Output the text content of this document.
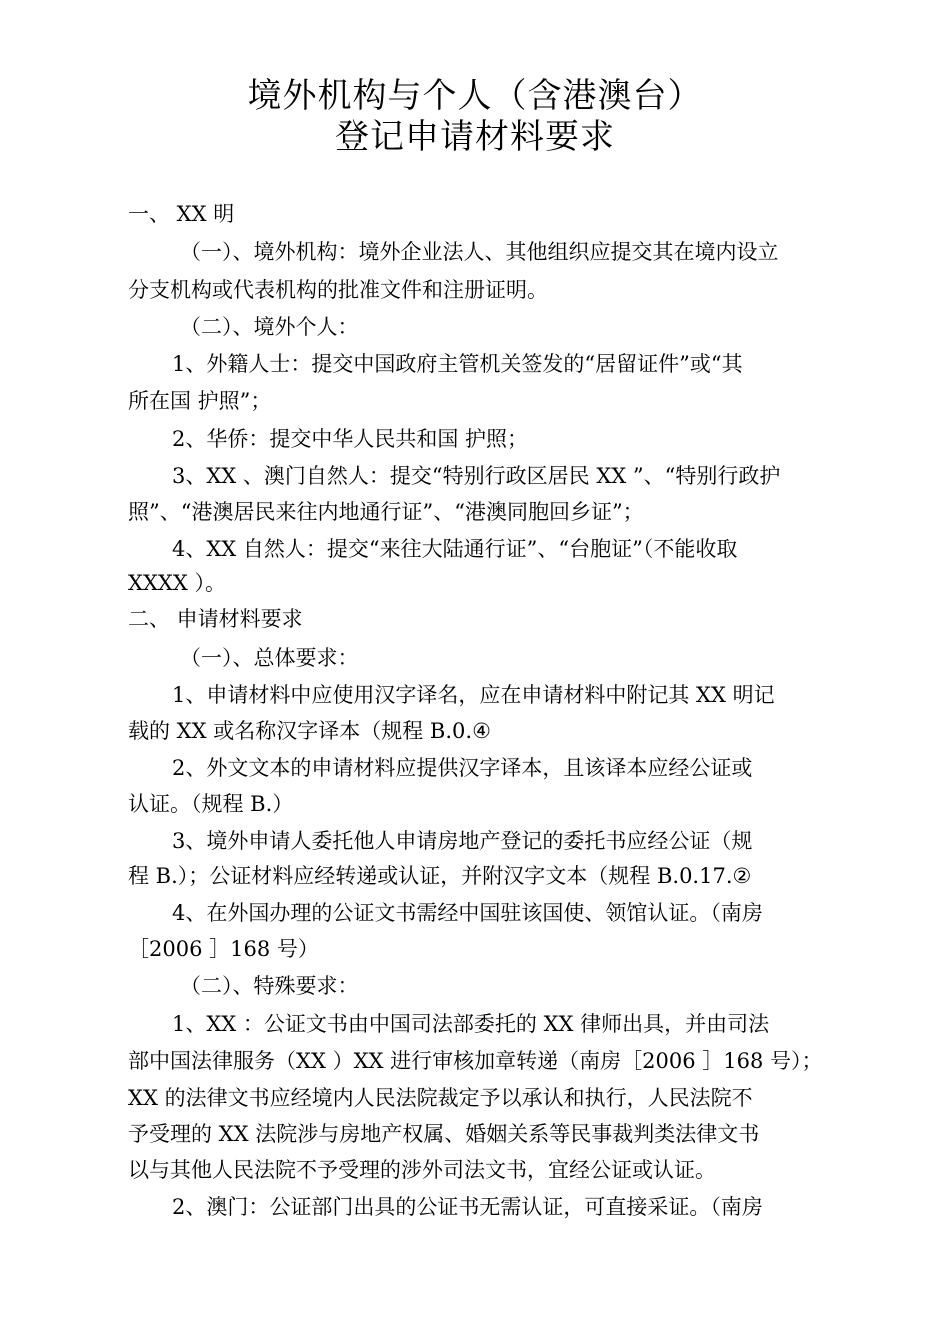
境外机构与个人（含港澳台）
登记申请材料要求
一、 XX 明
（一）、境外机构：境外企业法人、其他组织应提交其在境内设立
分支机构或代表机构的批准文件和注册证明。
（二）、境外个人：
1、外籍人士：提交中国政府主管机关签发的“居留证件”或“其
所在国 护照”；
2、华侨：提交中华人民共和国 护照；
3、XX 、澳门自然人：提交“特别行政区居民 XX ”、“特别行政护
照”、“港澳居民来往内地通行证”、“港澳同胞回乡证”；
4、XX 自然人：提交“来往大陆通行证”、“台胞证”（不能收取
XXXX ）。
二、 申请材料要求
（一）、总体要求：
1、申请材料中应使用汉字译名，应在申请材料中附记其 XX 明记
载的 XX 或名称汉字译本（规程 B.0.④
2、外文文本的申请材料应提供汉字译本，且该译本应经公证或
认证。（规程 B.）
3、境外申请人委托他人申请房地产登记的委托书应经公证（规
程 B.）；公证材料应经转递或认证，并附汉字文本（规程 B.0.17.②
4、在外国办理的公证文书需经中国驻该国使、领馆认证。（南房
［2006 ］168 号）
（二）、特殊要求：
1、XX ：公证文书由中国司法部委托的 XX 律师出具，并由司法
部中国法律服务（XX ）XX 进行审核加章转递（南房［2006 ］168 号）；
XX 的法律文书应经境内人民法院裁定予以承认和执行，人民法院不
予受理的 XX 法院涉与房地产权属、婚姻关系等民事裁判类法律文书
以与其他人民法院不予受理的涉外司法文书，宜经公证或认证。
2、澳门：公证部门出具的公证书无需认证，可直接采证。（南房
